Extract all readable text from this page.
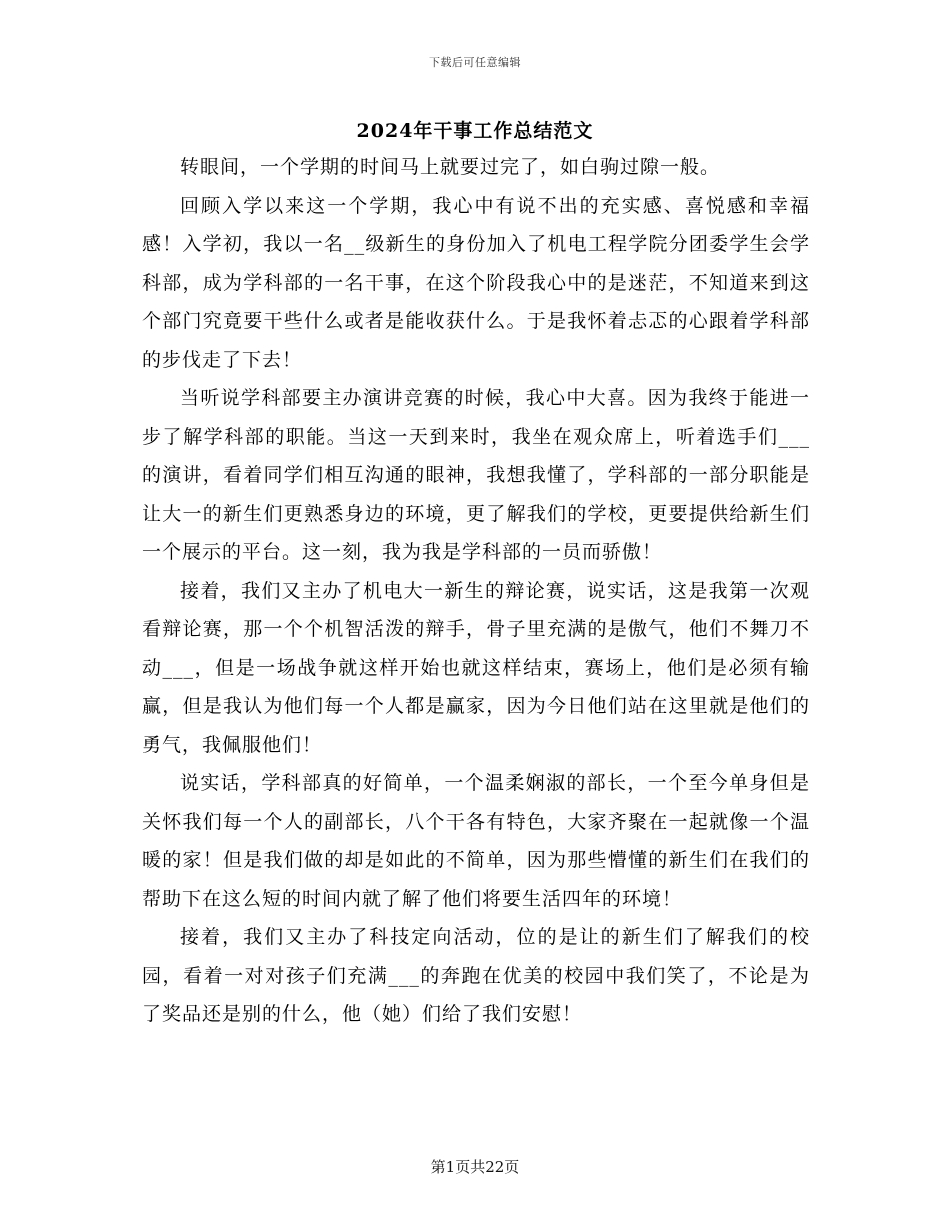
下载后可任意编辑
2024年干事工作总结范文

转眼间，一个学期的时间马上就要过完了，如白驹过隙一般。

回顾入学以来这一个学期，我心中有说不出的充实感、喜悦感和幸福感！入学初，我以一名__级新生的身份加入了机电工程学院分团委学生会学科部，成为学科部的一名干事，在这个阶段我心中的是迷茫，不知道来到这个部门究竟要干些什么或者是能收获什么。于是我怀着忐忑的心跟着学科部的步伐走了下去！

当听说学科部要主办演讲竞赛的时候，我心中大喜。因为我终于能进一步了解学科部的职能。当这一天到来时，我坐在观众席上，听着选手们___的演讲，看着同学们相互沟通的眼神，我想我懂了，学科部的一部分职能是让大一的新生们更熟悉身边的环境，更了解我们的学校，更要提供给新生们一个展示的平台。这一刻，我为我是学科部的一员而骄傲！

接着，我们又主办了机电大一新生的辩论赛，说实话，这是我第一次观看辩论赛，那一个个机智活泼的辩手，骨子里充满的是傲气，他们不舞刀不动___，但是一场战争就这样开始也就这样结束，赛场上，他们是必须有输赢，但是我认为他们每一个人都是赢家，因为今日他们站在这里就是他们的勇气，我佩服他们！

说实话，学科部真的好简单，一个温柔娴淑的部长，一个至今单身但是关怀我们每一个人的副部长，八个干各有特色，大家齐聚在一起就像一个温暖的家！但是我们做的却是如此的不简单，因为那些懵懂的新生们在我们的帮助下在这么短的时间内就了解了他们将要生活四年的环境！

接着，我们又主办了科技定向活动，位的是让的新生们了解我们的校园，看着一对对孩子们充满___的奔跑在优美的校园中我们笑了，不论是为了奖品还是别的什么，他（她）们给了我们安慰！

第1页共22页
